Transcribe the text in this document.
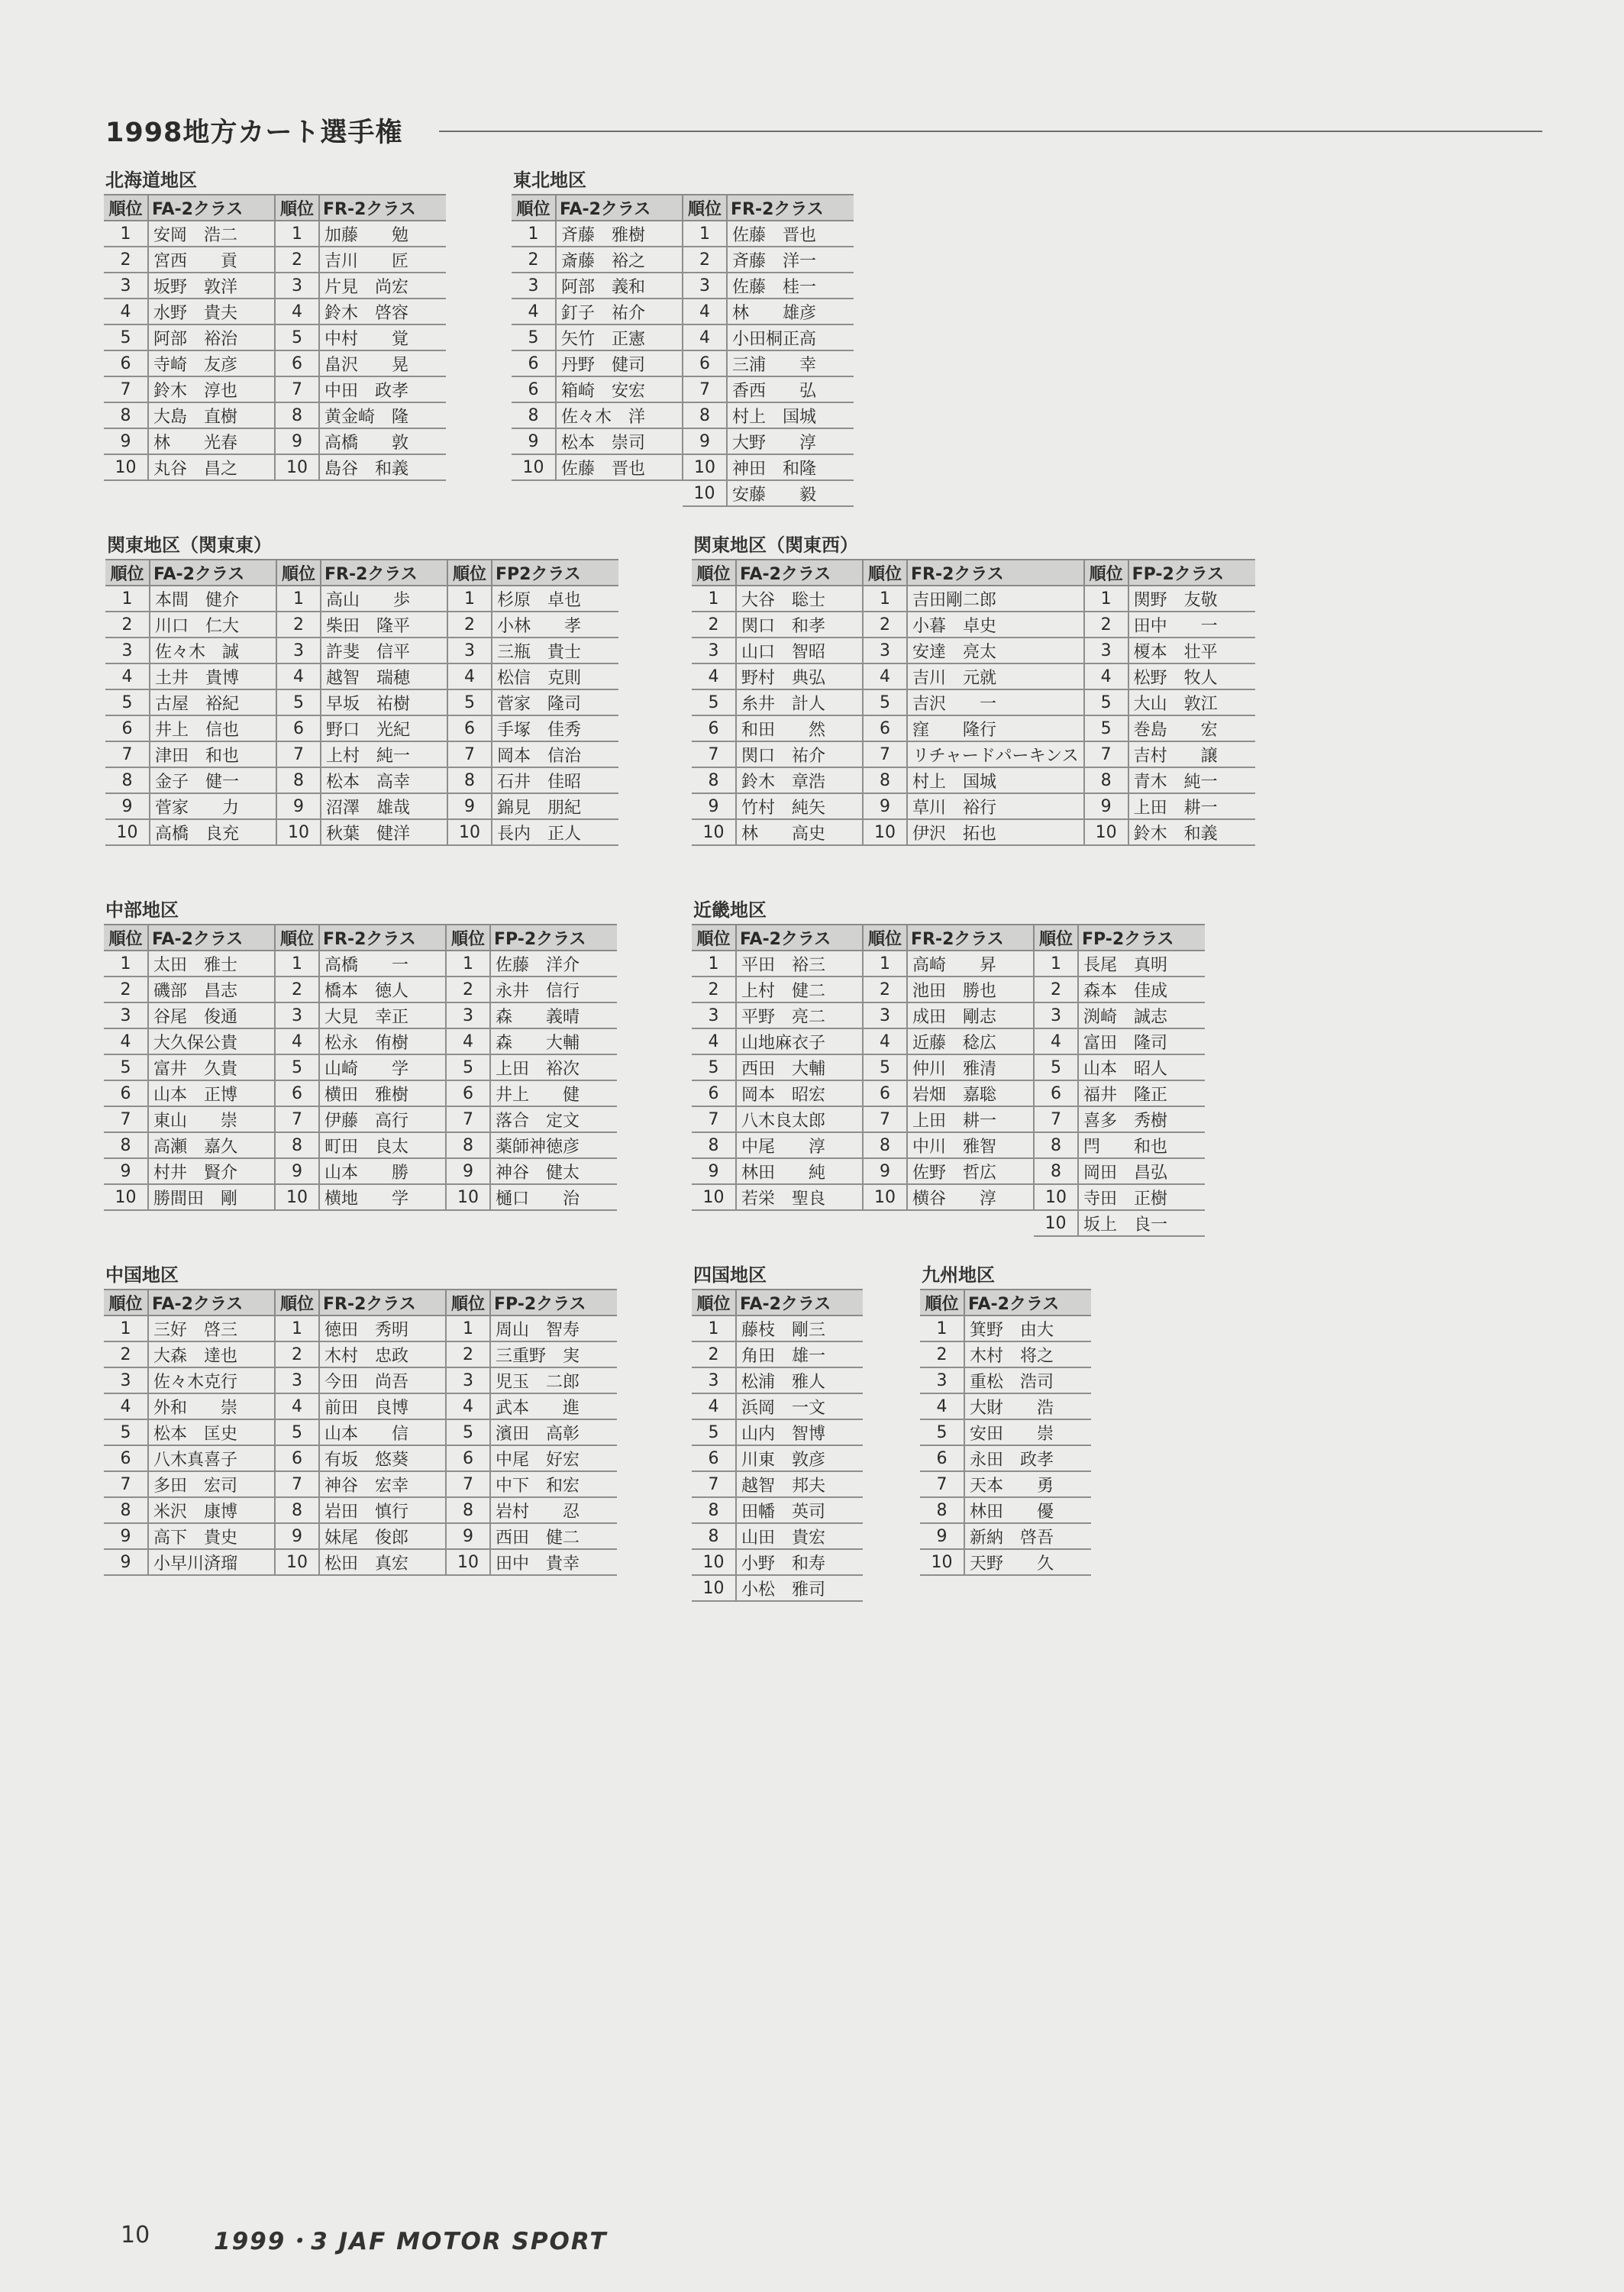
1998地方カート選手権
北海道地区
順位	FA-2クラス	順位	FR-2クラス
1	安岡　浩二	1	加藤　　勉
2	宮西　　貢	2	吉川　　匠
3	坂野　敦洋	3	片見　尚宏
4	水野　貴夫	4	鈴木　啓容
5	阿部　裕治	5	中村　　覚
6	寺崎　友彦	6	畠沢　　晃
7	鈴木　淳也	7	中田　政孝
8	大島　直樹	8	黄金崎　隆
9	林　　光春	9	高橋　　敦
10	丸谷　昌之	10	島谷　和義
東北地区
順位	FA-2クラス	順位	FR-2クラス
1	斉藤　雅樹	1	佐藤　晋也
2	斎藤　裕之	2	斉藤　洋一
3	阿部　義和	3	佐藤　桂一
4	釘子　祐介	4	林　　雄彦
5	矢竹　正憲	4	小田桐正高
6	丹野　健司	6	三浦　　幸
6	箱崎　安宏	7	香西　　弘
8	佐々木　洋	8	村上　国城
9	松本　崇司	9	大野　　淳
10	佐藤　晋也	10	神田　和隆
		10	安藤　　毅
関東地区（関東東）
順位	FA-2クラス	順位	FR-2クラス	順位	FP2クラス
1	本間　健介	1	高山　　歩	1	杉原　卓也
2	川口　仁大	2	柴田　隆平	2	小林　　孝
3	佐々木　誠	3	許斐　信平	3	三瓶　貴士
4	土井　貴博	4	越智　瑞穂	4	松信　克則
5	古屋　裕紀	5	早坂　祐樹	5	菅家　隆司
6	井上　信也	6	野口　光紀	6	手塚　佳秀
7	津田　和也	7	上村　純一	7	岡本　信治
8	金子　健一	8	松本　高幸	8	石井　佳昭
9	菅家　　力	9	沼澤　雄哉	9	錦見　朋紀
10	高橋　良充	10	秋葉　健洋	10	長内　正人
関東地区（関東西）
順位	FA-2クラス	順位	FR-2クラス	順位	FP-2クラス
1	大谷　聡士	1	吉田剛二郎	1	関野　友敬
2	関口　和孝	2	小暮　卓史	2	田中　　一
3	山口　智昭	3	安達　亮太	3	榎本　壮平
4	野村　典弘	4	吉川　元就	4	松野　牧人
5	糸井　計人	5	吉沢　　一	5	大山　敦江
6	和田　　然	6	窪　　隆行	5	巻島　　宏
7	関口　祐介	7	リチャードパーキンス	7	吉村　　譲
8	鈴木　章浩	8	村上　国城	8	青木　純一
9	竹村　純矢	9	草川　裕行	9	上田　耕一
10	林　　高史	10	伊沢　拓也	10	鈴木　和義
中部地区
順位	FA-2クラス	順位	FR-2クラス	順位	FP-2クラス
1	太田　雅士	1	高橋　　一	1	佐藤　洋介
2	磯部　昌志	2	橋本　徳人	2	永井　信行
3	谷尾　俊通	3	大見　幸正	3	森　　義晴
4	大久保公貴	4	松永　侑樹	4	森　　大輔
5	富井　久貴	5	山崎　　学	5	上田　裕次
6	山本　正博	6	横田　雅樹	6	井上　　健
7	東山　　崇	7	伊藤　高行	7	落合　定文
8	高瀬　嘉久	8	町田　良太	8	薬師神徳彦
9	村井　賢介	9	山本　　勝	9	神谷　健太
10	勝間田　剛	10	横地　　学	10	樋口　　治
近畿地区
順位	FA-2クラス	順位	FR-2クラス	順位	FP-2クラス
1	平田　裕三	1	高崎　　昇	1	長尾　真明
2	上村　健二	2	池田　勝也	2	森本　佳成
3	平野　亮二	3	成田　剛志	3	渕崎　誠志
4	山地麻衣子	4	近藤　稔広	4	富田　隆司
5	西田　大輔	5	仲川　雅清	5	山本　昭人
6	岡本　昭宏	6	岩畑　嘉聡	6	福井　隆正
7	八木良太郎	7	上田　耕一	7	喜多　秀樹
8	中尾　　淳	8	中川　雅智	8	閂　　和也
9	林田　　純	9	佐野　哲広	8	岡田　昌弘
10	若栄　聖良	10	横谷　　淳	10	寺田　正樹
				10	坂上　良一
中国地区
順位	FA-2クラス	順位	FR-2クラス	順位	FP-2クラス
1	三好　啓三	1	徳田　秀明	1	周山　智寿
2	大森　達也	2	木村　忠政	2	三重野　実
3	佐々木克行	3	今田　尚吾	3	児玉　二郎
4	外和　　崇	4	前田　良博	4	武本　　進
5	松本　匡史	5	山本　　信	5	濱田　高彰
6	八木真喜子	6	有坂　悠葵	6	中尾　好宏
7	多田　宏司	7	神谷　宏幸	7	中下　和宏
8	米沢　康博	8	岩田　慎行	8	岩村　　忍
9	高下　貴史	9	妹尾　俊郎	9	西田　健二
9	小早川済瑠	10	松田　真宏	10	田中　貴幸
四国地区
順位	FA-2クラス
1	藤枝　剛三
2	角田　雄一
3	松浦　雅人
4	浜岡　一文
5	山内　智博
6	川東　敦彦
7	越智　邦夫
8	田幡　英司
8	山田　貴宏
10	小野　和寿
10	小松　雅司
九州地区
順位	FA-2クラス
1	箕野　由大
2	木村　将之
3	重松　浩司
4	大財　　浩
5	安田　　崇
6	永田　政孝
7	天本　　勇
8	林田　　優
9	新納　啓吾
10	天野　　久
10	1999・3 JAF MOTOR SPORT
